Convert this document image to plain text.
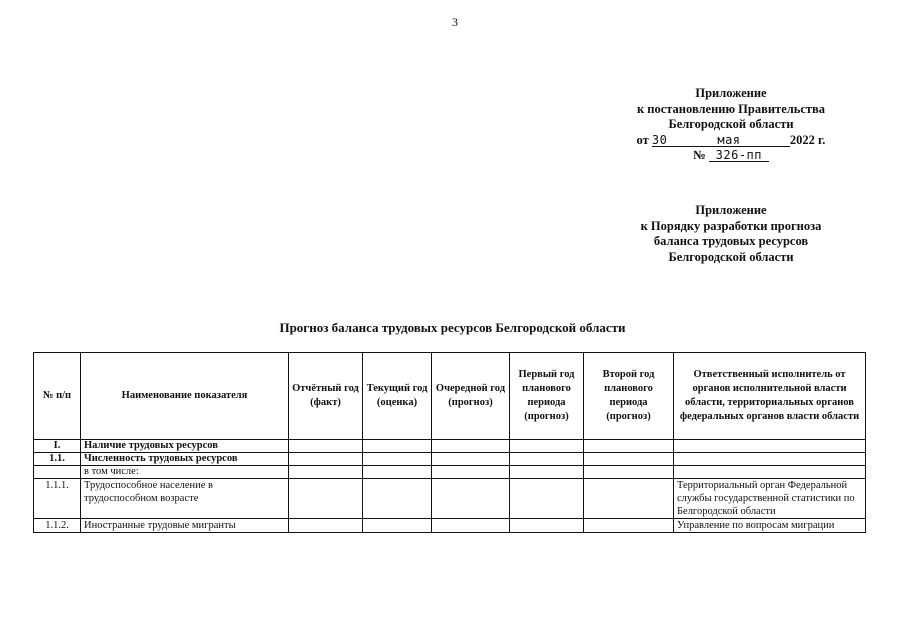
3
Приложение
к постановлению Правительства
Белгородской области
от 30	мая	2022 г.
№ 326-пп
Приложение
к Порядку разработки прогноза
баланса трудовых ресурсов
Белгородской области
Прогноз баланса трудовых ресурсов Белгородской области
№ п/п	Наименование показателя	Отчётный год (факт)	Текущий год (оценка)	Очередной год (прогноз)	Первый год планового периода (прогноз)	Второй год планового периода (прогноз)	Ответственный исполнитель от органов исполнительной власти области, территориальных органов федеральных органов власти области
I.	Наличие трудовых ресурсов						
1.1.	Численность трудовых ресурсов						
	в том числе:						
1.1.1.	Трудоспособное население в трудоспособном возрасте						Территориальный орган Федеральной службы государственной статистики по Белгородской области
1.1.2.	Иностранные трудовые мигранты						Управление по вопросам миграции
